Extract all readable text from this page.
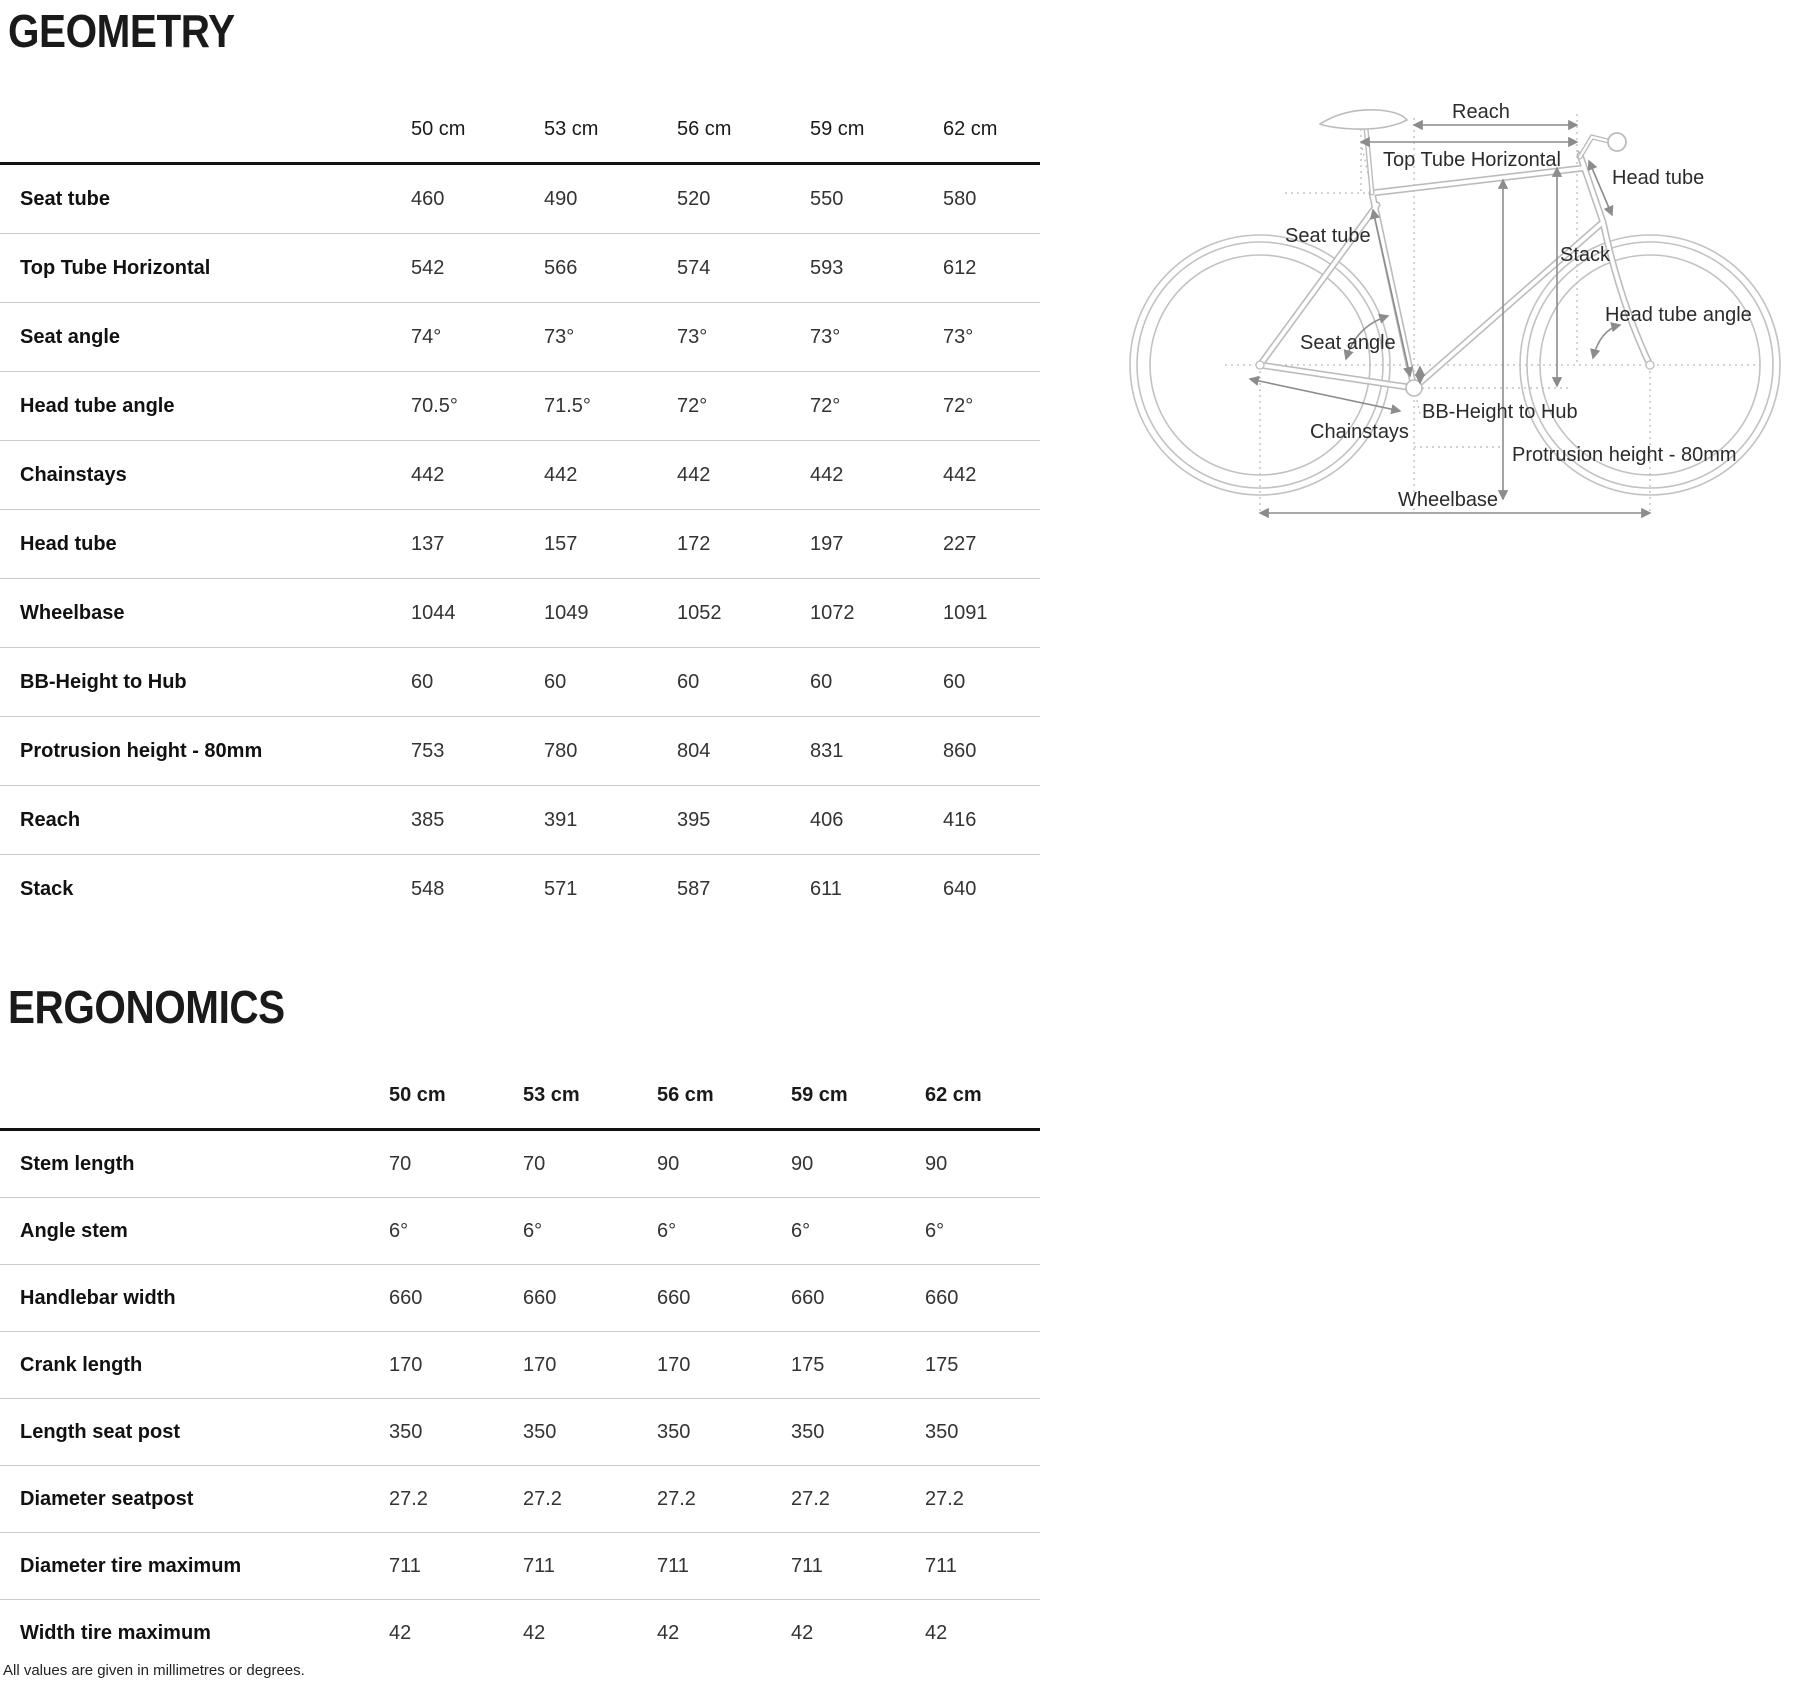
GEOMETRY
	50 cm	53 cm	56 cm	59 cm	62 cm
Seat tube	460	490	520	550	580
Top Tube Horizontal	542	566	574	593	612
Seat angle	74°	73°	73°	73°	73°
Head tube angle	70.5°	71.5°	72°	72°	72°
Chainstays	442	442	442	442	442
Head tube	137	157	172	197	227
Wheelbase	1044	1049	1052	1072	1091
BB-Height to Hub	60	60	60	60	60
Protrusion height - 80mm	753	780	804	831	860
Reach	385	391	395	406	416
Stack	548	571	587	611	640
ERGONOMICS
	50 cm	53 cm	56 cm	59 cm	62 cm
Stem length	70	70	90	90	90
Angle stem	6°	6°	6°	6°	6°
Handlebar width	660	660	660	660	660
Crank length	170	170	170	175	175
Length seat post	350	350	350	350	350
Diameter seatpost	27.2	27.2	27.2	27.2	27.2
Diameter tire maximum	711	711	711	711	711
Width tire maximum	42	42	42	42	42
All values are given in millimetres or degrees.
Reach
Top Tube Horizontal
Head tube
Seat tube
Stack
Head tube angle
Seat angle
BB-Height to Hub
Chainstays
Protrusion height - 80mm
Wheelbase
